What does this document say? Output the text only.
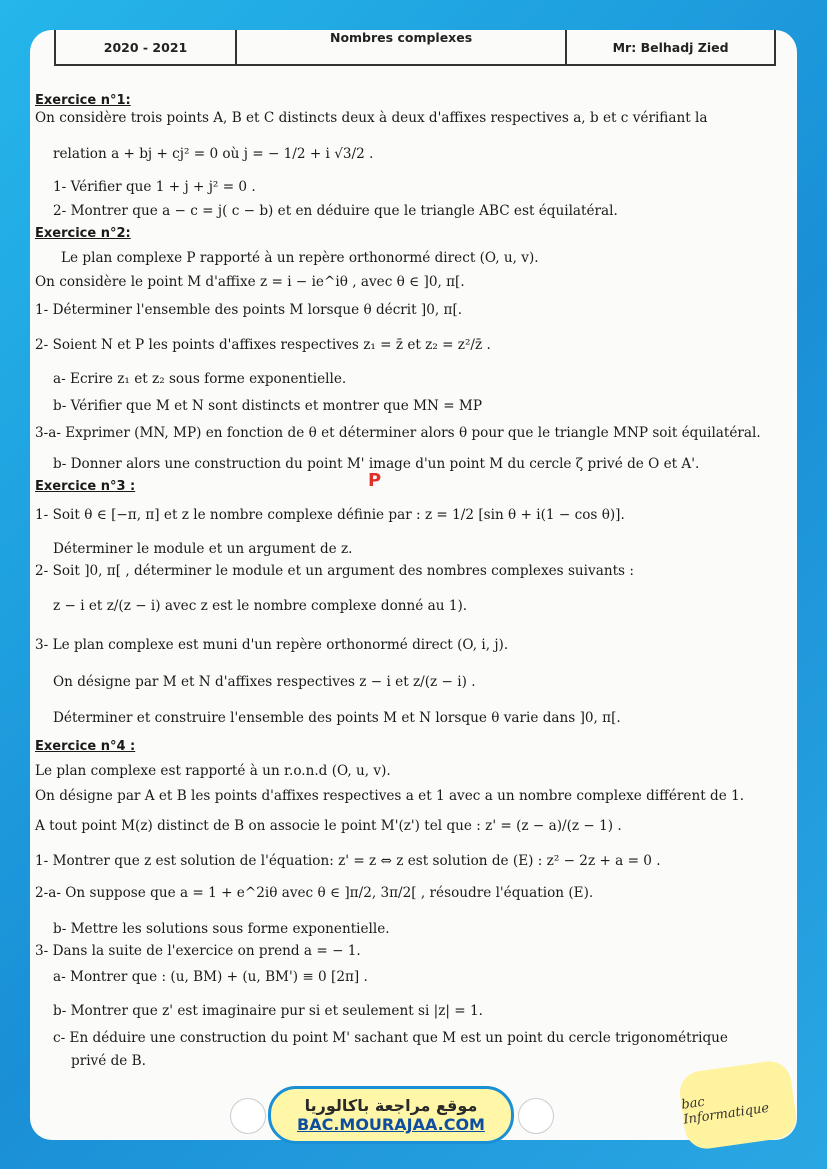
2020 - 2021
Nombres complexes
Mr: Belhadj Zied
Exercice n°1:
On considère trois points A, B et C distincts deux à deux d'affixes respectives a, b et c vérifiant la
relation a + bj + cj² = 0 où j = − 1/2 + i √3/2 .
1- Vérifier que 1 + j + j² = 0 .
2- Montrer que a − c = j( c − b) et en déduire que le triangle ABC est équilatéral.
Exercice n°2:
Le plan complexe P rapporté à un repère orthonormé direct (O, u, v).
On considère le point M d'affixe z = i − ie^iθ , avec θ ∈ ]0, π[.
1- Déterminer l'ensemble des points M lorsque θ décrit ]0, π[.
2- Soient N et P les points d'affixes respectives z₁ = z̄ et z₂ = z²/z̄ .
a- Ecrire z₁ et z₂ sous forme exponentielle.
b- Vérifier que M et N sont distincts et montrer que MN = MP
3-a- Exprimer (MN, MP) en fonction de θ et déterminer alors θ pour que le triangle MNP soit équilatéral.
b- Donner alors une construction du point M' image d'un point M du cercle ζ privé de O et A'.
Exercice n°3 :
1- Soit θ ∈ [−π, π] et z le nombre complexe définie par : z = 1/2 [sin θ + i(1 − cos θ)].
Déterminer le module et un argument de z.
2- Soit ]0, π[ , déterminer le module et un argument des nombres complexes suivants :
z − i et z/(z − i) avec z est le nombre complexe donné au 1).
3- Le plan complexe est muni d'un repère orthonormé direct (O, i, j).
On désigne par M et N d'affixes respectives z − i et z/(z − i) .
Déterminer et construire l'ensemble des points M et N lorsque θ varie dans ]0, π[.
Exercice n°4 :
Le plan complexe est rapporté à un r.o.n.d (O, u, v).
On désigne par A et B les points d'affixes respectives a et 1 avec a un nombre complexe différent de 1.
A tout point M(z) distinct de B on associe le point M'(z') tel que : z' = (z − a)/(z − 1) .
1- Montrer que z est solution de l'équation: z' = z ⇔ z est solution de (E) : z² − 2z + a = 0 .
2-a- On suppose que a = 1 + e^2iθ avec θ ∈ ]π/2, 3π/2[ , résoudre l'équation (E).
b- Mettre les solutions sous forme exponentielle.
3- Dans la suite de l'exercice on prend a = − 1.
a- Montrer que : (u, BM) + (u, BM') ≡ 0 [2π] .
b- Montrer que z' est imaginaire pur si et seulement si |z| = 1.
c- En déduire une construction du point M' sachant que M est un point du cercle trigonométrique
privé de B.
P
موقع مراجعة باكالوريا
BAC.MOURAJAA.COM
bac Informatique
